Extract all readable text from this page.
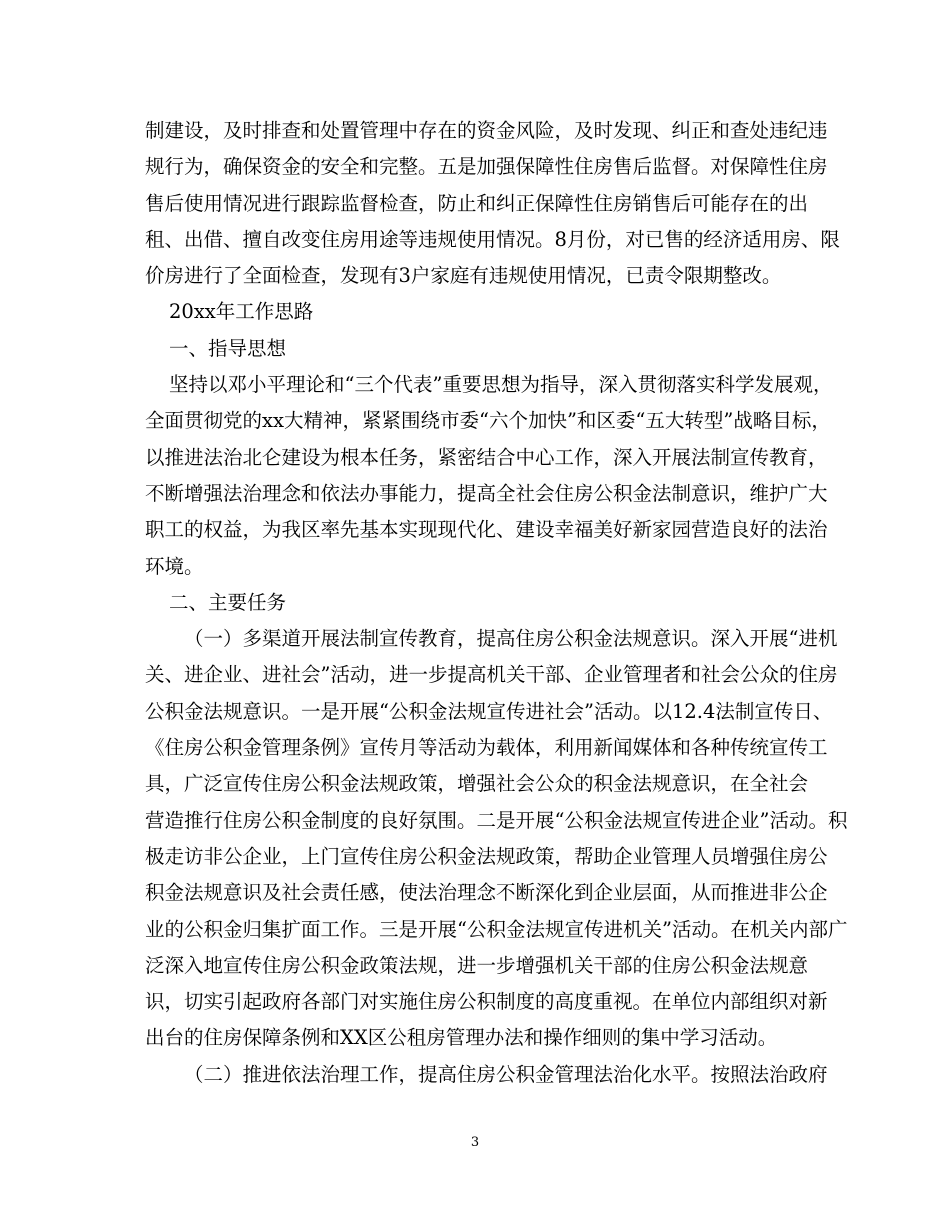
制建设，及时排查和处置管理中存在的资金风险，及时发现、纠正和查处违纪违
规行为，确保资金的安全和完整。五是加强保障性住房售后监督。对保障性住房
售后使用情况进行跟踪监督检查，防止和纠正保障性住房销售后可能存在的出
租、出借、擅自改变住房用途等违规使用情况。8月份，对已售的经济适用房、限
价房进行了全面检查，发现有3户家庭有违规使用情况，已责令限期整改。
20xx年工作思路
一、指导思想
坚持以邓小平理论和“三个代表”重要思想为指导，深入贯彻落实科学发展观，
全面贯彻党的xx大精神，紧紧围绕市委“六个加快”和区委“五大转型”战略目标，
以推进法治北仑建设为根本任务，紧密结合中心工作，深入开展法制宣传教育，
不断增强法治理念和依法办事能力，提高全社会住房公积金法制意识，维护广大
职工的权益，为我区率先基本实现现代化、建设幸福美好新家园营造良好的法治
环境。
二、主要任务
（一）多渠道开展法制宣传教育，提高住房公积金法规意识。深入开展“进机
关、进企业、进社会”活动，进一步提高机关干部、企业管理者和社会公众的住房
公积金法规意识。一是开展“公积金法规宣传进社会”活动。以12.4法制宣传日、
《住房公积金管理条例》宣传月等活动为载体，利用新闻媒体和各种传统宣传工
具，广泛宣传住房公积金法规政策，增强社会公众的积金法规意识，在全社会
营造推行住房公积金制度的良好氛围。二是开展“公积金法规宣传进企业”活动。积
极走访非公企业，上门宣传住房公积金法规政策，帮助企业管理人员增强住房公
积金法规意识及社会责任感，使法治理念不断深化到企业层面，从而推进非公企
业的公积金归集扩面工作。三是开展“公积金法规宣传进机关”活动。在机关内部广
泛深入地宣传住房公积金政策法规，进一步增强机关干部的住房公积金法规意
识，切实引起政府各部门对实施住房公积制度的高度重视。在单位内部组织对新
出台的住房保障条例和XX区公租房管理办法和操作细则的集中学习活动。
（二）推进依法治理工作，提高住房公积金管理法治化水平。按照法治政府
3
